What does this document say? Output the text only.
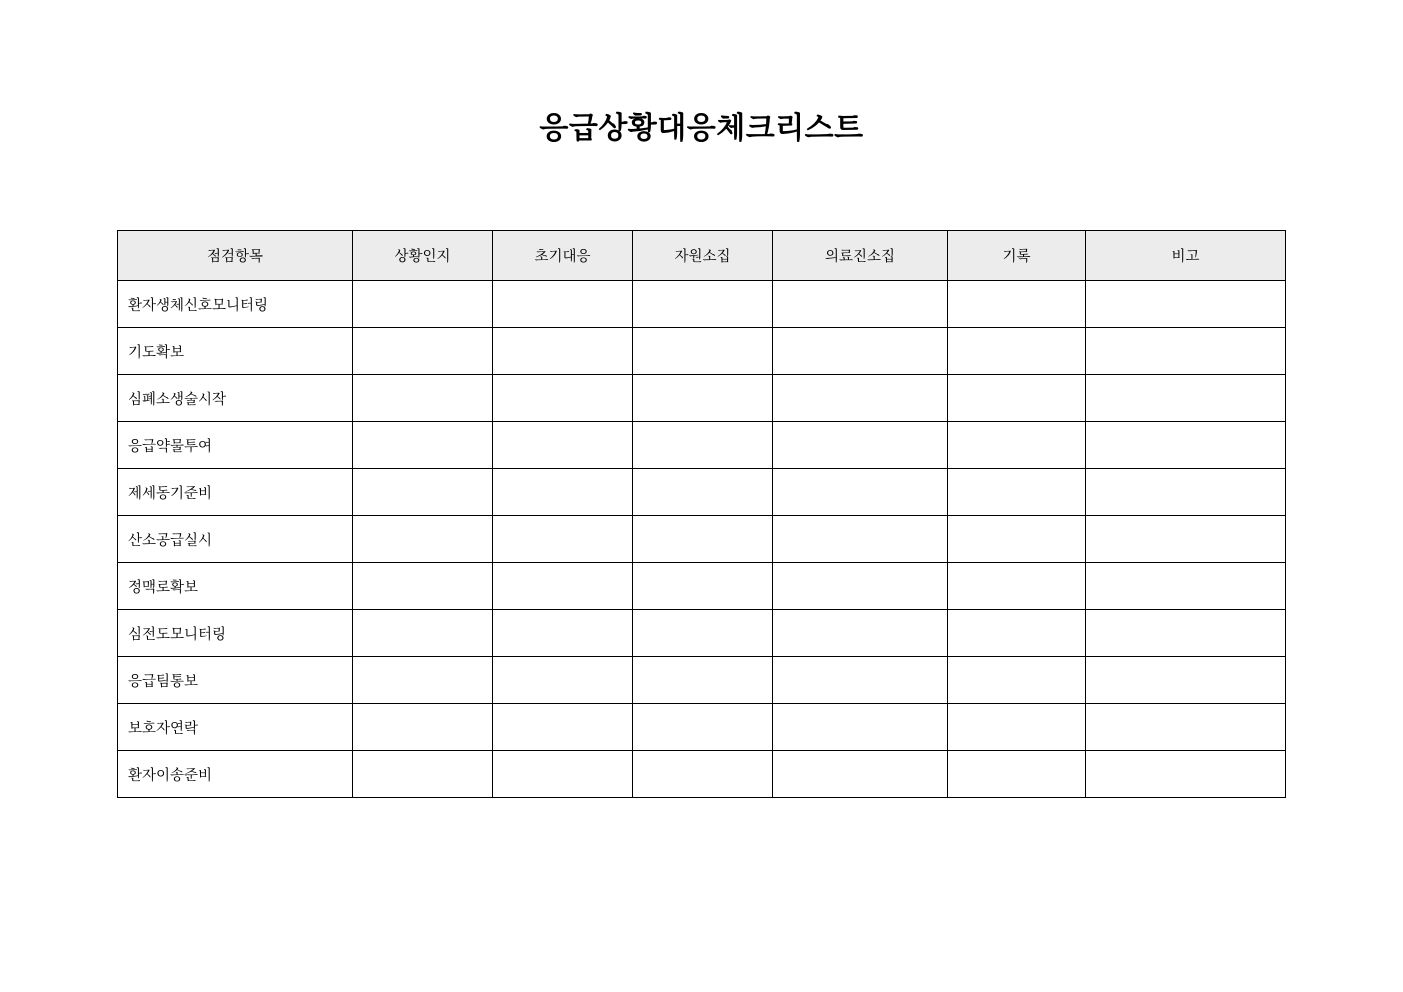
응급상황대응체크리스트
점검항목	상황인지	초기대응	자원소집	의료진소집	기록	비고
환자생체신호모니터링						
기도확보						
심폐소생술시작						
응급약물투여						
제세동기준비						
산소공급실시						
정맥로확보						
심전도모니터링						
응급팀통보						
보호자연락						
환자이송준비						
